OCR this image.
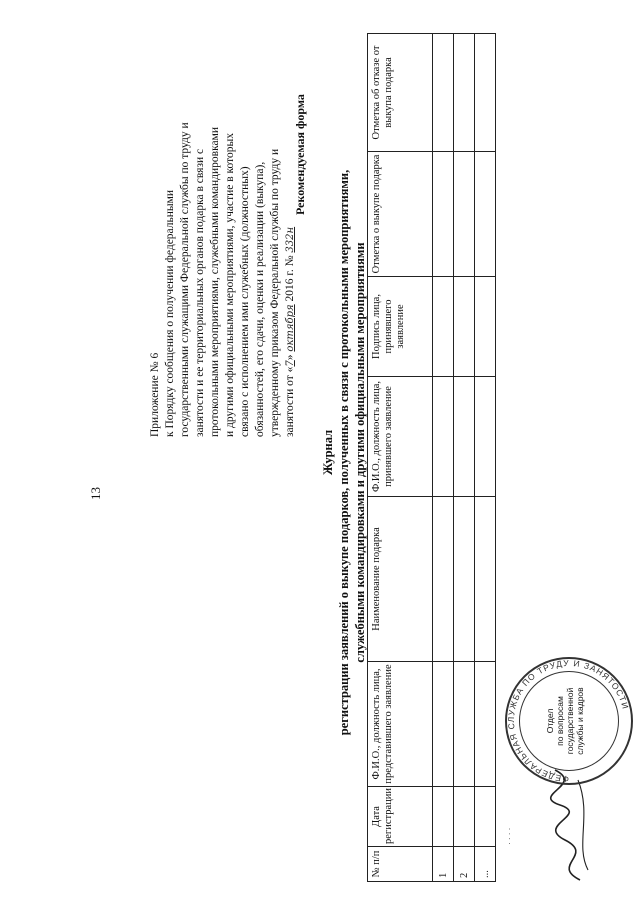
13
Приложение № 6 к Порядку сообщения о получении федеральными государственными служащими Федеральной службы по труду и занятости и ее территориальных органов подарка в связи с протокольными мероприятиями, служебными командировками и другими официальными мероприятиями, участие в которых связано с исполнением ими служебных (должностных) обязанностей, его сдачи, оценки и реализации (выкупа), утвержденному приказом Федеральной службы по труду и занятости от «7» октября 2016 г. № 332н
Рекомендуемая форма
Журнал регистрации заявлений о выкупе подарков, полученных в связи с протокольными мероприятиями, служебными командировками и другими официальными мероприятиями
№ п/п	Дата регистрации	Ф.И.О., должность лица, представившего заявление	Наименование подарка	Ф.И.О., должность лица, принявшего заявление	Подпись лица, принявшего заявление	Отметка о выкупе подарка	Отметка об отказе от выкупа подарка
1							
2							
...							
· · · ·
ФЕДЕРАЛЬНАЯ СЛУЖБА ПО ТРУДУ И ЗАНЯТОСТИ
Отдел по вопросам государственной службы и кадров
